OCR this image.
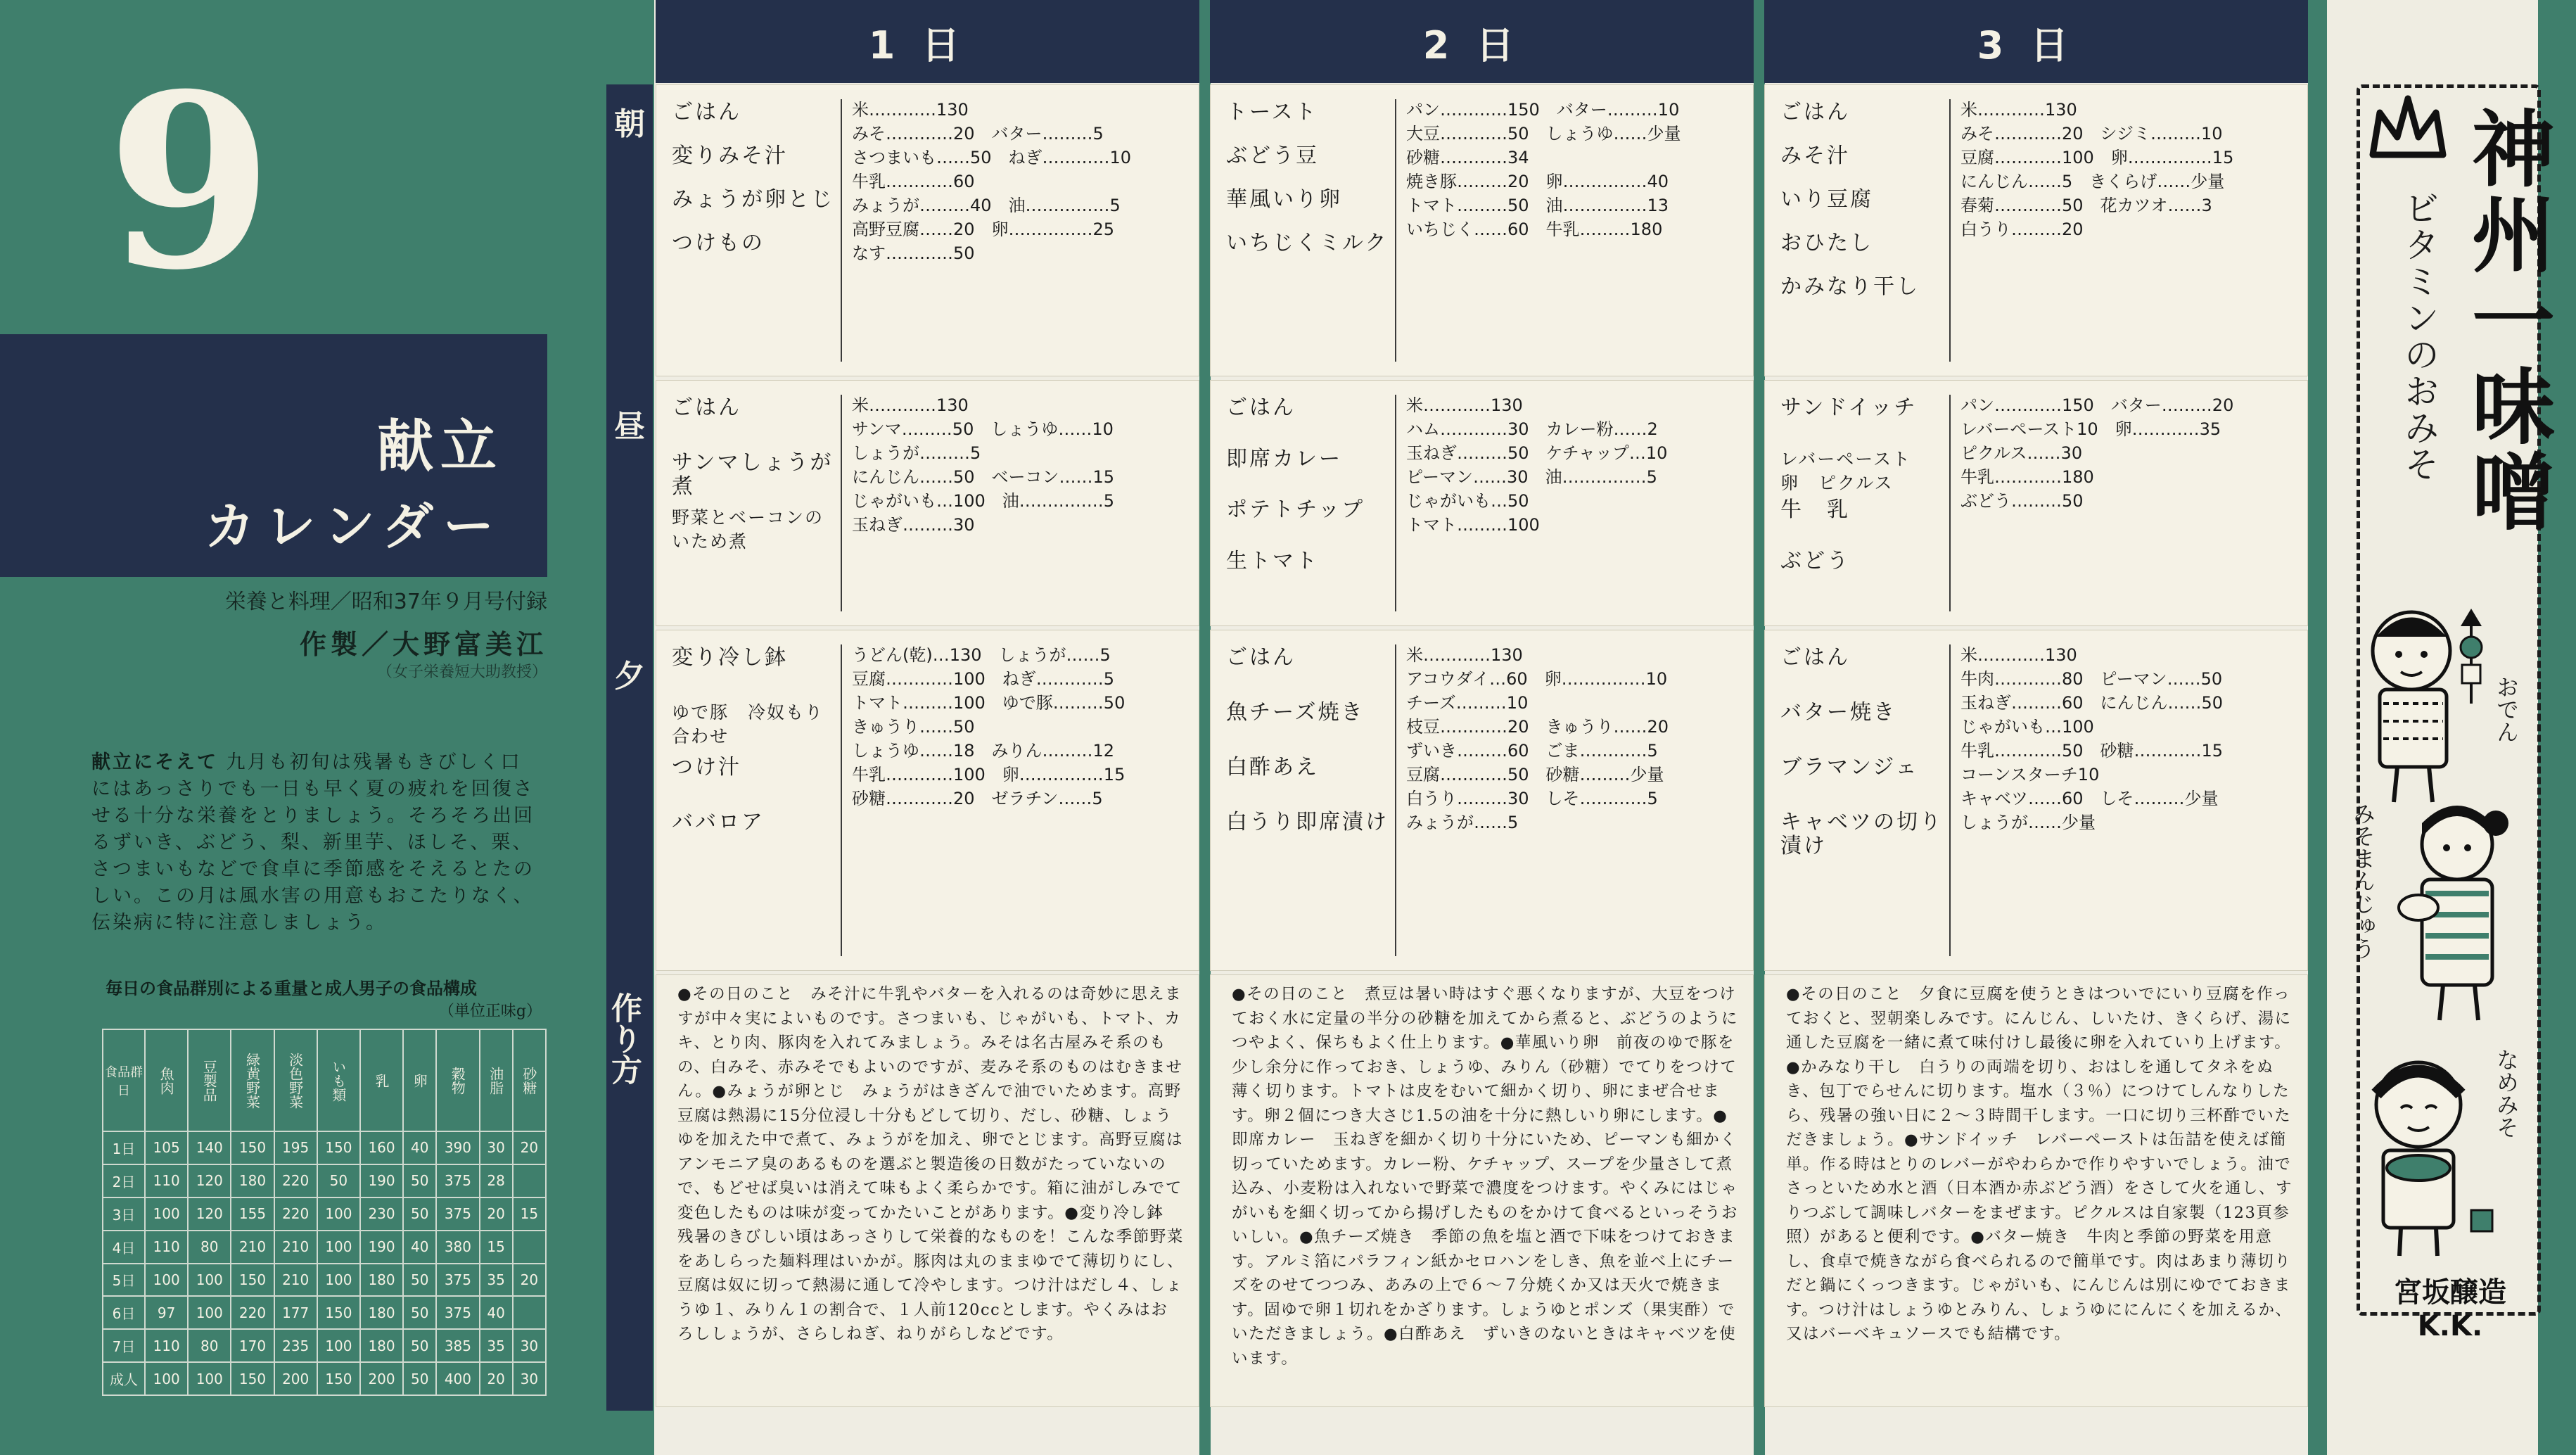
9
献立
カレンダー
栄養と料理／昭和37年９月号付録
作製／大野富美江
（女子栄養短大助教授）
献立にそえて 九月も初旬は残暑もきびしく口にはあっさりでも一日も早く夏の疲れを回復させる十分な栄養をとりましょう。そろそろ出回るずいき、ぶどう、梨、新里芋、ほしそ、栗、さつまいもなどで食卓に季節感をそえるとたのしい。この月は風水害の用意もおこたりなく、伝染病に特に注意しましょう。
毎日の食品群別による重量と成人男子の食品構成
（単位正味g）
食品群 日	魚肉	豆製品	緑黄野菜	淡色野菜	いも類	乳	卵	穀物	油脂	砂糖
1日	105	140	150	195	150	160	40	390	30	20
2日	110	120	180	220	50	190	50	375	28	
3日	100	120	155	220	100	230	50	375	20	15
4日	110	80	210	210	100	190	40	380	15	
5日	100	100	150	210	100	180	50	375	35	20
6日	97	100	220	177	150	180	50	375	40	
7日	110	80	170	235	100	180	50	385	35	30
成人	100	100	150	200	150	200	50	400	20	30
朝
昼
夕
作り方
1日
ごはん
変りみそ汁
みょうが卵とじ
つけもの
米…………130
みそ…………20　バター………5
さつまいも……50　ねぎ…………10
牛乳…………60
みょうが………40　油……………5
高野豆腐……20　卵……………25
なす…………50
ごはん
サンマしょうが煮
野菜とベーコンのいため煮
米…………130
サンマ………50　しょうゆ……10
しょうが………5
にんじん……50　ベーコン……15
じゃがいも…100　油……………5
玉ねぎ………30
変り冷し鉢
ゆで豚　冷奴もり合わせ
つけ汁
ババロア
うどん(乾)…130　しょうが……5
豆腐…………100　ねぎ…………5
トマト………100　ゆで豚………50
きゅうり……50
しょうゆ……18　みりん………12
牛乳…………100　卵……………15
砂糖…………20　ゼラチン……5
●その日のこと　みそ汁に牛乳やバターを入れるのは奇妙に思えますが中々実によいものです。さつまいも、じゃがいも、トマト、カキ、とり肉、豚肉を入れてみましょう。みそは名古屋みそ系のもの、白みそ、赤みそでもよいのですが、麦みそ系のものはむきません。●みょうが卵とじ　みょうがはきざんで油でいためます。高野豆腐は熱湯に15分位浸し十分もどして切り、だし、砂糖、しょうゆを加えた中で煮て、みょうがを加え、卵でとじます。高野豆腐はアンモニア臭のあるものを選ぶと製造後の日数がたっていないので、もどせば臭いは消えて味もよく柔らかです。箱に油がしみでて変色したものは味が変ってかたいことがあります。●変り冷し鉢　残暑のきびしい頃はあっさりして栄養的なものを！こんな季節野菜をあしらった麺料理はいかが。豚肉は丸のままゆでて薄切りにし、豆腐は奴に切って熱湯に通して冷やします。つけ汁はだし４、しょうゆ１、みりん１の割合で、１人前120ccとします。やくみはおろししょうが、さらしねぎ、ねりがらしなどです。
2日
トースト
ぶどう豆
華風いり卵
いちじくミルク
パン…………150　バター………10
大豆…………50　しょうゆ……少量
砂糖…………34
焼き豚………20　卵……………40
トマト………50　油……………13
いちじく……60　牛乳………180
ごはん
即席カレー
ポテトチップ
生トマト
米…………130
ハム…………30　カレー粉……2
玉ねぎ………50　ケチャップ…10
ピーマン……30　油……………5
じゃがいも…50
トマト………100
ごはん
魚チーズ焼き
白酢あえ
白うり即席漬け
米…………130
アコウダイ…60　卵……………10
チーズ………10
枝豆…………20　きゅうり……20
ずいき………60　ごま…………5
豆腐…………50　砂糖………少量
白うり………30　しそ…………5
みょうが……5
●その日のこと　煮豆は暑い時はすぐ悪くなりますが、大豆をつけておく水に定量の半分の砂糖を加えてから煮ると、ぶどうのようにつやよく、保ちもよく仕上ります。●華風いり卵　前夜のゆで豚を少し余分に作っておき、しょうゆ、みりん（砂糖）でてりをつけて薄く切ります。トマトは皮をむいて細かく切り、卵にまぜ合せます。卵２個につき大さじ1.5の油を十分に熱しいり卵にします。●即席カレー　玉ねぎを細かく切り十分にいため、ピーマンも細かく切っていためます。カレー粉、ケチャップ、スープを少量さして煮込み、小麦粉は入れないで野菜で濃度をつけます。やくみにはじゃがいもを細く切ってから揚げしたものをかけて食べるといっそうおいしい。●魚チーズ焼き　季節の魚を塩と酒で下味をつけておきます。アルミ箔にパラフィン紙かセロハンをしき、魚を並べ上にチーズをのせてつつみ、あみの上で６〜７分焼くか又は天火で焼きます。固ゆで卵１切れをかざります。しょうゆとポンズ（果実酢）でいただきましょう。●白酢あえ　ずいきのないときはキャベツを使います。
3日
ごはん
みそ汁
いり豆腐
おひたし
かみなり干し
米…………130
みそ…………20　シジミ………10
豆腐…………100　卵……………15
にんじん……5　きくらげ……少量
春菊…………50　花カツオ……3
白うり………20
サンドイッチ
レバーペースト　卵　ピクルス
牛　乳
ぶどう
パン…………150　バター………20
レバーペースト10　卵…………35
ピクルス……30
牛乳…………180
ぶどう………50
ごはん
バター焼き
ブラマンジェ
キャベツの切り漬け
米…………130
牛肉…………80　ピーマン……50
玉ねぎ………60　にんじん……50
じゃがいも…100
牛乳…………50　砂糖…………15
コーンスターチ10
キャベツ……60　しそ………少量
しょうが……少量
●その日のこと　夕食に豆腐を使うときはついでにいり豆腐を作っておくと、翌朝楽しみです。にんじん、しいたけ、きくらげ、湯に通した豆腐を一緒に煮て味付けし最後に卵を入れていり上げます。●かみなり干し　白うりの両端を切り、おはしを通してタネをぬき、包丁でらせんに切ります。塩水（３％）につけてしんなりしたら、残暑の強い日に２〜３時間干します。一口に切り三杯酢でいただきましょう。●サンドイッチ　レバーペーストは缶詰を使えば簡単。作る時はとりのレバーがやわらかで作りやすいでしょう。油でさっといため水と酒（日本酒か赤ぶどう酒）をさして火を通し、すりつぶして調味しバターをまぜます。ピクルスは自家製（123頁参照）があると便利です。●バター焼き　牛肉と季節の野菜を用意し、食卓で焼きながら食べられるので簡単です。肉はあまり薄切りだと鍋にくっつきます。じゃがいも、にんじんは別にゆでておきます。つけ汁はしょうゆとみりん、しょうゆににんにくを加えるか、又はバーベキュソースでも結構です。
神州一味噌
ビタミンのおみそ
おでん
みそまんじゅう
なめみそ
宮坂醸造K.K.
